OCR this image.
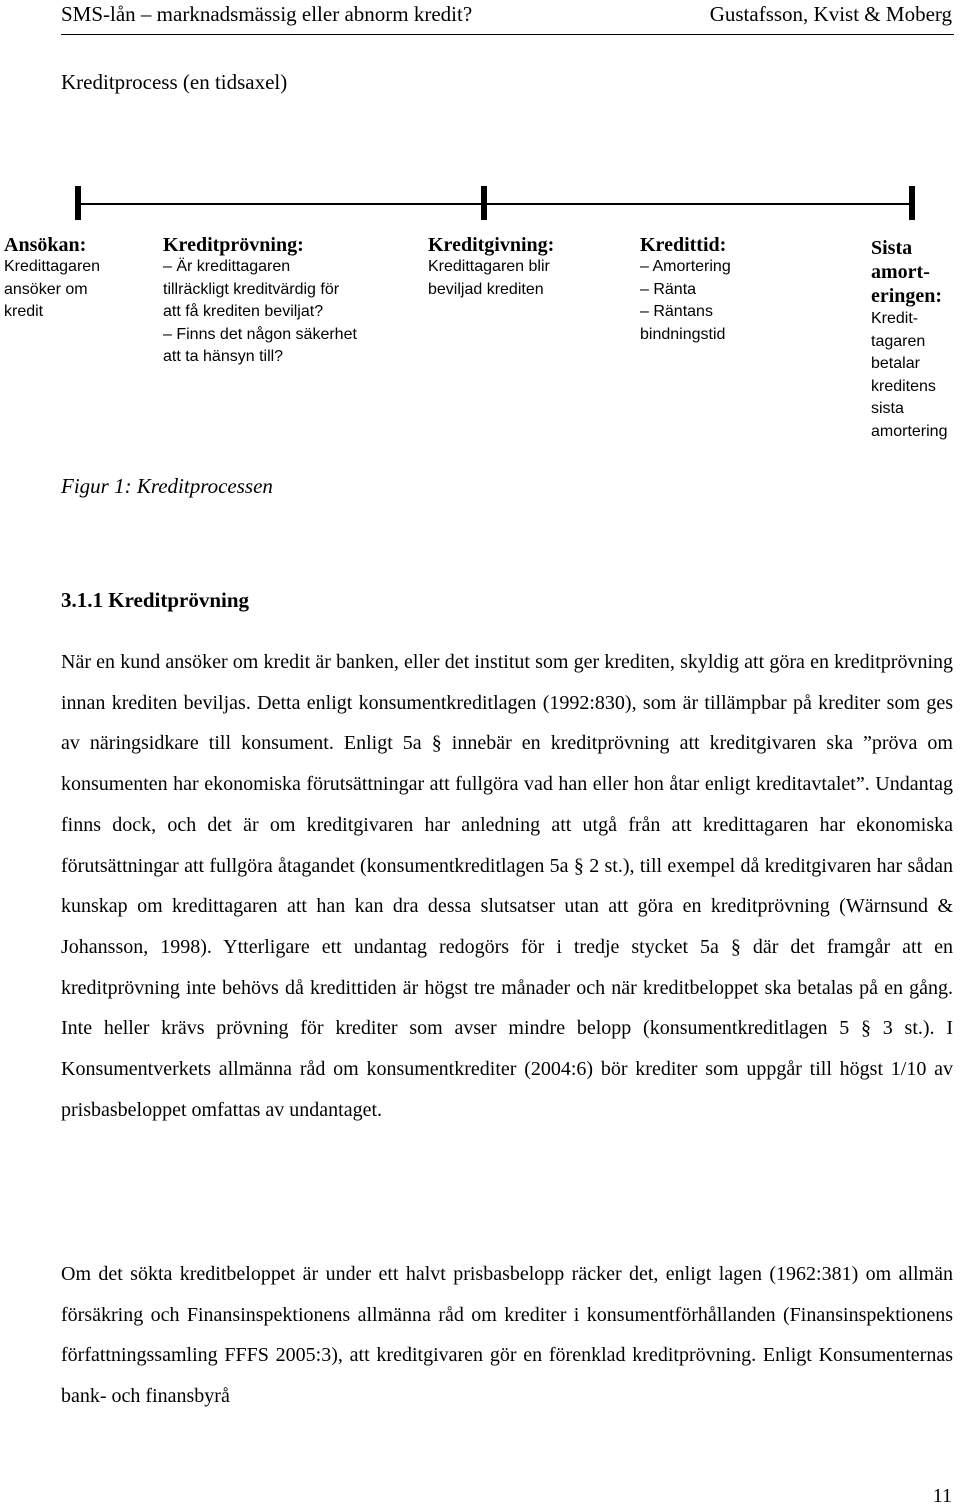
SMS-lån – marknadsmässig eller abnorm kredit?	Gustafsson, Kvist & Moberg
Kreditprocess (en tidsaxel)
Ansökan:
Kredittagaren
ansöker om
kredit
Kreditprövning:
– Är kredittagaren
tillräckligt kreditvärdig för
att få krediten beviljat?
– Finns det någon säkerhet
att ta hänsyn till?
Kreditgivning:
Kredittagaren blir
beviljad krediten
Kredittid:
– Amortering
– Ränta
– Räntans
bindningstid
Sista amort-eringen:
Kredit-
tagaren
betalar
kreditens
sista
amortering
Figur 1: Kreditprocessen
3.1.1 Kreditprövning

När en kund ansöker om kredit är banken, eller det institut som ger krediten, skyldig att göra en kreditprövning innan krediten beviljas. Detta enligt konsumentkreditlagen (1992:830), som är tillämpbar på krediter som ges av näringsidkare till konsument. Enligt 5a § innebär en kreditprövning att kreditgivaren ska ”pröva om konsumenten har ekonomiska förutsättningar att fullgöra vad han eller hon åtar enligt kreditavtalet”. Undantag finns dock, och det är om kreditgivaren har anledning att utgå från att kredittagaren har ekonomiska förutsättningar att fullgöra åtagandet (konsumentkreditlagen 5a § 2 st.), till exempel då kreditgivaren har sådan kunskap om kredittagaren att han kan dra dessa slutsatser utan att göra en kreditprövning (Wärnsund & Johansson, 1998). Ytterligare ett undantag redogörs för i tredje stycket 5a § där det framgår att en kreditprövning inte behövs då kredittiden är högst tre månader och när kreditbeloppet ska betalas på en gång. Inte heller krävs prövning för krediter som avser mindre belopp (konsumentkreditlagen 5 § 3 st.). I Konsumentverkets allmänna råd om konsumentkrediter (2004:6) bör krediter som uppgår till högst 1/10 av prisbasbeloppet omfattas av undantaget.

Om det sökta kreditbeloppet är under ett halvt prisbasbelopp räcker det, enligt lagen (1962:381) om allmän försäkring och Finansinspektionens allmänna råd om krediter i konsumentförhållanden (Finansinspektionens författningssamling FFFS 2005:3), att kreditgivaren gör en förenklad kreditprövning. Enligt Konsumenternas bank- och finansbyrå

11
